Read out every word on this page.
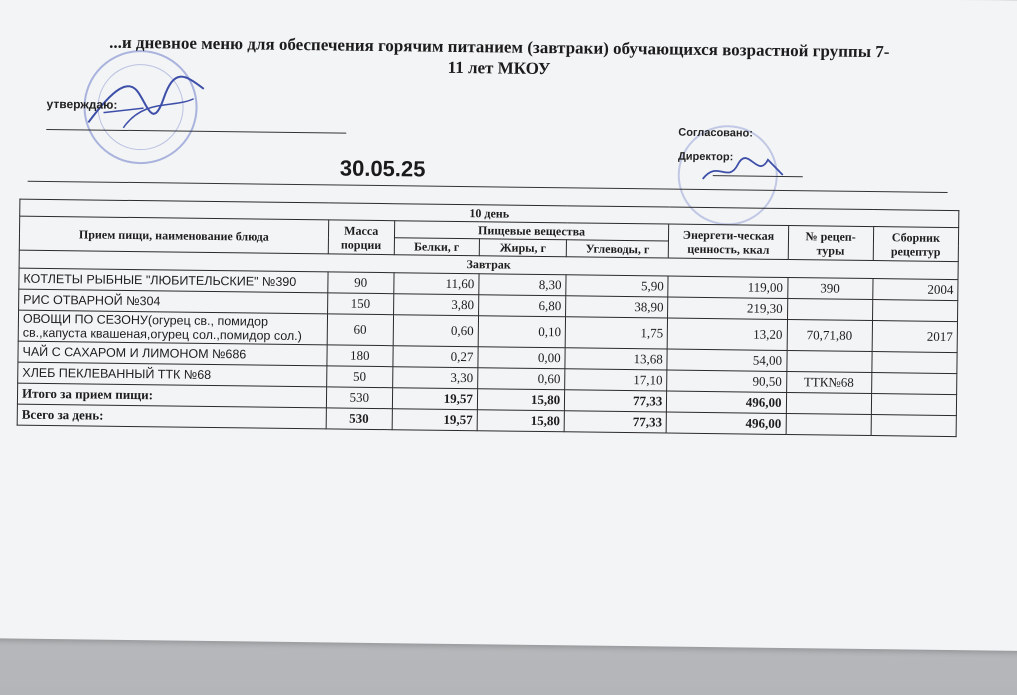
...и дневное меню для обеспечения горячим питанием (завтраки) обучающихся возрастной группы 7-
11 лет МКОУ
утверждаю:
Согласовано:
Директор:
30.05.25
10 день							
Прием пищи, наименование блюда	Масса порции	Пищевые вещества			Энергети-ческая ценность, ккал	№ рецеп-туры	Сборник рецептур
		Белки, г	Жиры, г	Углеводы, г			
Завтрак							
КОТЛЕТЫ РЫБНЫЕ "ЛЮБИТЕЛЬСКИЕ" №390	90	11,60	8,30	5,90	119,00	390	2004
РИС ОТВАРНОЙ №304	150	3,80	6,80	38,90	219,30		
ОВОЩИ ПО СЕЗОНУ(огурец св., помидор св.,капуста квашеная,огурец сол.,помидор сол.)	60	0,60	0,10	1,75	13,20	70,71,80	2017
ЧАЙ С САХАРОМ И ЛИМОНОМ №686	180	0,27	0,00	13,68	54,00		
ХЛЕБ ПЕКЛЕВАННЫЙ ТТК №68	50	3,30	0,60	17,10	90,50	ТТК№68	
Итого за прием пищи:	530	19,57	15,80	77,33	496,00		
Всего за день:	530	19,57	15,80	77,33	496,00		
